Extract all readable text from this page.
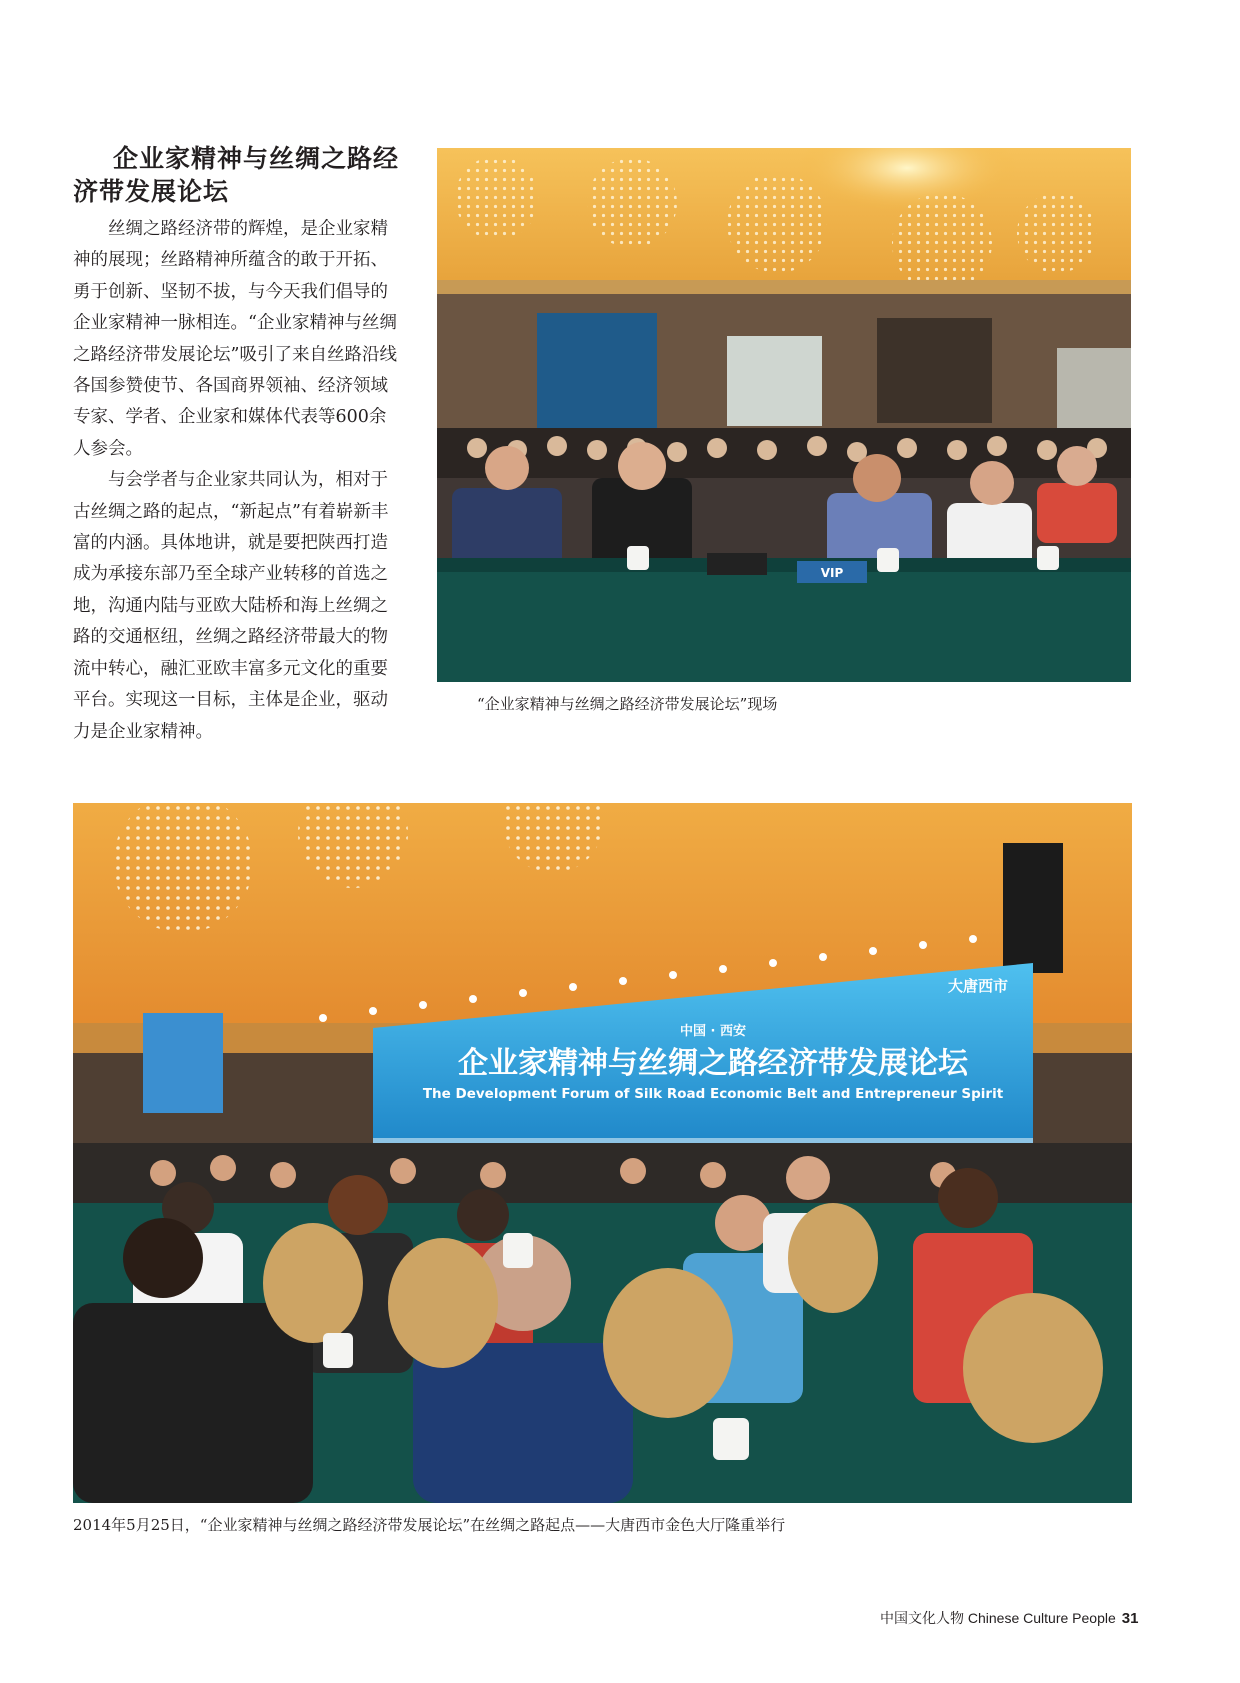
企业家精神与丝绸之路经
济带发展论坛

丝绸之路经济带的辉煌，是企业家精神的展现；丝路精神所蕴含的敢于开拓、勇于创新、坚韧不拔，与今天我们倡导的企业家精神一脉相连。“企业家精神与丝绸之路经济带发展论坛”吸引了来自丝路沿线各国参赞使节、各国商界领袖、经济领域专家、学者、企业家和媒体代表等600余人参会。

与会学者与企业家共同认为，相对于古丝绸之路的起点，“新起点”有着崭新丰富的内涵。具体地讲，就是要把陕西打造成为承接东部乃至全球产业转移的首选之地，沟通内陆与亚欧大陆桥和海上丝绸之路的交通枢纽，丝绸之路经济带最大的物流中转心，融汇亚欧丰富多元文化的重要平台。实现这一目标，主体是企业，驱动力是企业家精神。

VIP
“企业家精神与丝绸之路经济带发展论坛”现场
中国 · 西安
企业家精神与丝绸之路经济带发展论坛
The Development Forum of Silk Road Economic Belt and Entrepreneur Spirit
大唐西市
2014年5月25日，“企业家精神与丝绸之路经济带发展论坛”在丝绸之路起点——大唐西市金色大厅隆重举行
中国文化人物 Chinese Culture People 31
